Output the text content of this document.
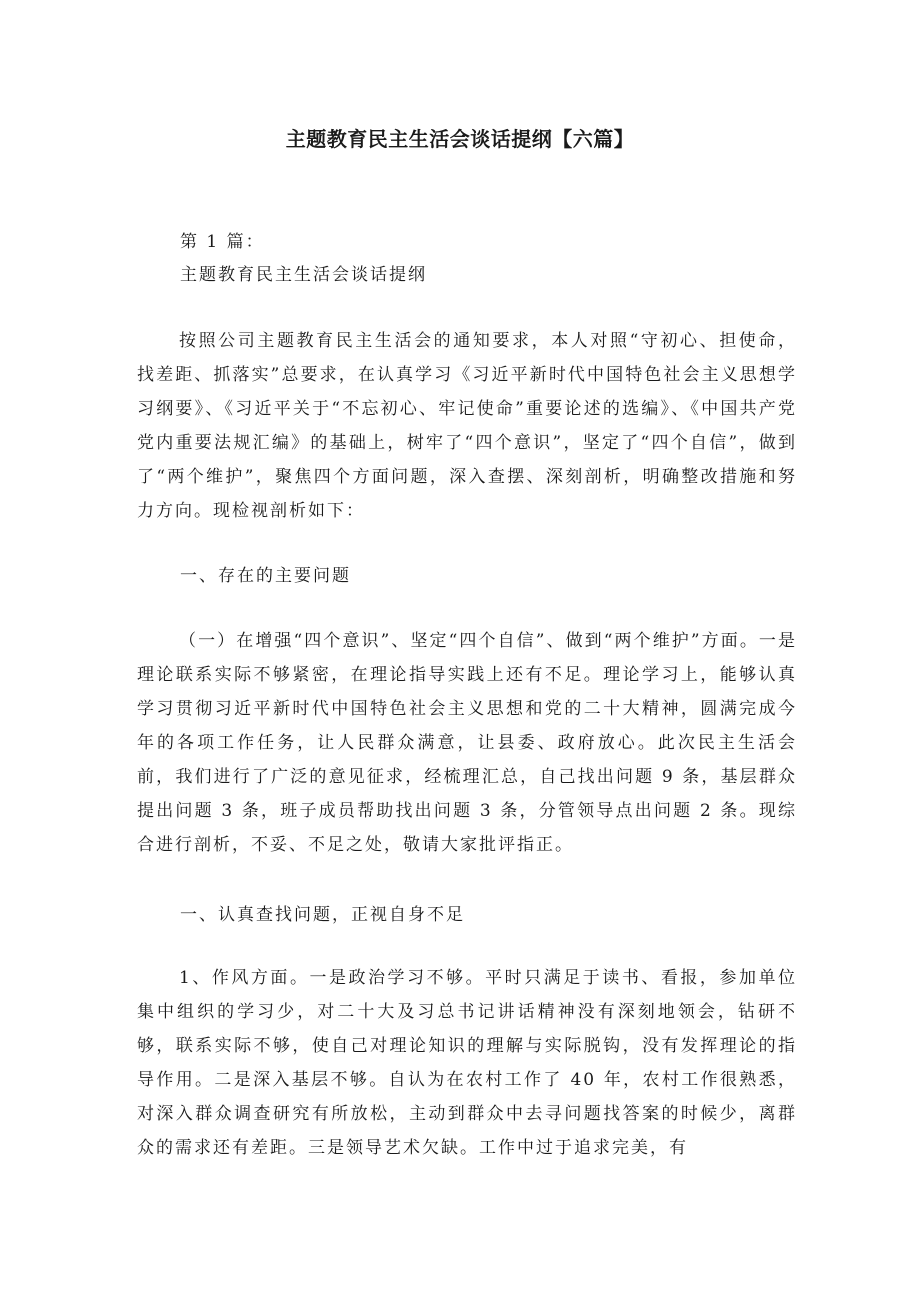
主题教育民主生活会谈话提纲【六篇】

第 1 篇：

主题教育民主生活会谈话提纲

按照公司主题教育民主生活会的通知要求，本人对照“守初心、担使命，找差距、抓落实”总要求，在认真学习《习近平新时代中国特色社会主义思想学习纲要》、《习近平关于“不忘初心、牢记使命”重要论述的选编》、《中国共产党党内重要法规汇编》的基础上，树牢了“四个意识”，坚定了“四个自信”，做到了“两个维护”，聚焦四个方面问题，深入查摆、深刻剖析，明确整改措施和努力方向。现检视剖析如下：

一、存在的主要问题

（一）在增强“四个意识”、坚定“四个自信”、做到“两个维护”方面。一是理论联系实际不够紧密，在理论指导实践上还有不足。理论学习上，能够认真学习贯彻习近平新时代中国特色社会主义思想和党的二十大精神，圆满完成今年的各项工作任务，让人民群众满意，让县委、政府放心。此次民主生活会前，我们进行了广泛的意见征求，经梳理汇总，自己找出问题 9 条，基层群众提出问题 3 条，班子成员帮助找出问题 3 条，分管领导点出问题 2 条。现综合进行剖析，不妥、不足之处，敬请大家批评指正。

一、认真查找问题，正视自身不足

1、作风方面。一是政治学习不够。平时只满足于读书、看报，参加单位集中组织的学习少，对二十大及习总书记讲话精神没有深刻地领会，钻研不够，联系实际不够，使自己对理论知识的理解与实际脱钩，没有发挥理论的指导作用。二是深入基层不够。自认为在农村工作了 40 年，农村工作很熟悉，对深入群众调查研究有所放松，主动到群众中去寻问题找答案的时候少，离群众的需求还有差距。三是领导艺术欠缺。工作中过于追求完美，有
